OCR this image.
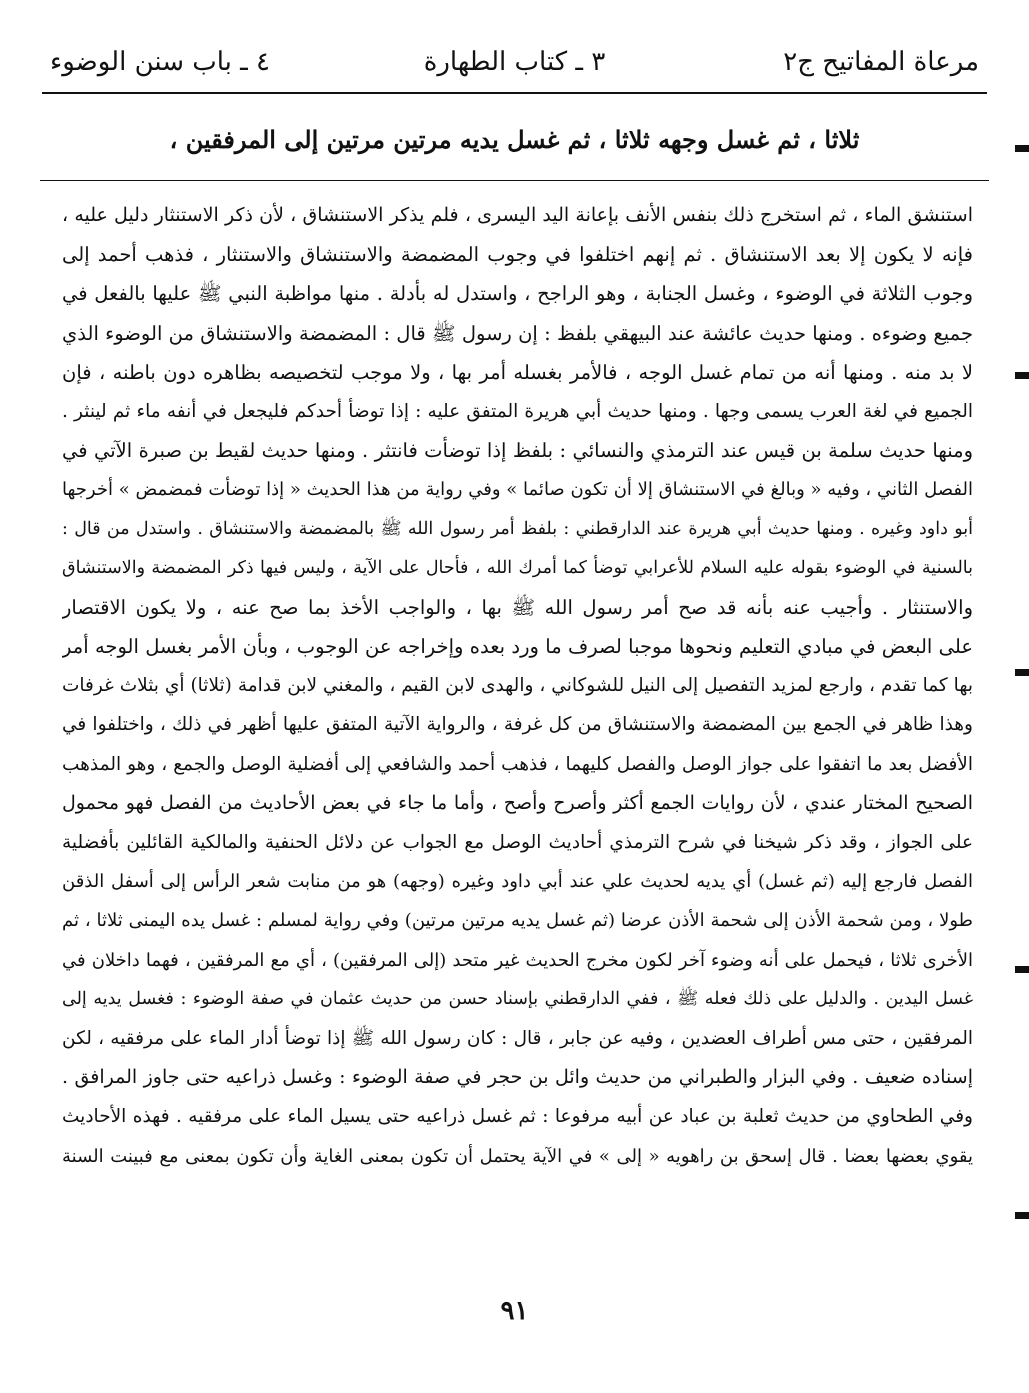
مرعاة المفاتيح ج٢
٣ ـ كتاب الطهارة
٤ ـ باب سنن الوضوء
ثلاثا ، ثم غسل وجهه ثلاثا ، ثم غسل يديه مرتين مرتين إلى المرفقين ،
استنشق الماء ، ثم استخرج ذلك بنفس الأنف بإعانة اليد اليسرى ، فلم يذكر الاستنشاق ، لأن ذكر الاستنثار دليل عليه ،
فإنه لا يكون إلا بعد الاستنشاق . ثم إنهم اختلفوا في وجوب المضمضة والاستنشاق والاستنثار ، فذهب أحمد إلى
وجوب الثلاثة في الوضوء ، وغسل الجنابة ، وهو الراجح ، واستدل له بأدلة . منها مواظبة النبي ﷺ عليها بالفعل في
جميع وضوءه . ومنها حديث عائشة عند البيهقي بلفظ : إن رسول ﷺ قال : المضمضة والاستنشاق من الوضوء الذي
لا بد منه . ومنها أنه من تمام غسل الوجه ، فالأمر بغسله أمر بها ، ولا موجب لتخصيصه بظاهره دون باطنه ، فإن
الجميع في لغة العرب يسمى وجها . ومنها حديث أبي هريرة المتفق عليه : إذا توضأ أحدكم فليجعل في أنفه ماء ثم لينثر .
ومنها حديث سلمة بن قيس عند الترمذي والنسائي : بلفظ إذا توضأت فانتثر . ومنها حديث لقيط بن صبرة الآتي في
الفصل الثاني ، وفيه « وبالغ في الاستنشاق إلا أن تكون صائما » وفي رواية من هذا الحديث « إذا توضأت فمضمض » أخرجها
أبو داود وغيره . ومنها حديث أبي هريرة عند الدارقطني : بلفظ أمر رسول الله ﷺ بالمضمضة والاستنشاق . واستدل من قال :
بالسنية في الوضوء بقوله عليه السلام للأعرابي توضأ كما أمرك الله ، فأحال على الآية ، وليس فيها ذكر المضمضة والاستنشاق
والاستنثار . وأجيب عنه بأنه قد صح أمر رسول الله ﷺ بها ، والواجب الأخذ بما صح عنه ، ولا يكون الاقتصار
على البعض في مبادي التعليم ونحوها موجبا لصرف ما ورد بعده وإخراجه عن الوجوب ، وبأن الأمر بغسل الوجه أمر
بها كما تقدم ، وارجع لمزيد التفصيل إلى النيل للشوكاني ، والهدى لابن القيم ، والمغني لابن قدامة (ثلاثا) أي بثلاث غرفات
وهذا ظاهر في الجمع بين المضمضة والاستنشاق من كل غرفة ، والرواية الآتية المتفق عليها أظهر في ذلك ، واختلفوا في
الأفضل بعد ما اتفقوا على جواز الوصل والفصل كليهما ، فذهب أحمد والشافعي إلى أفضلية الوصل والجمع ، وهو المذهب
الصحيح المختار عندي ، لأن روايات الجمع أكثر وأصرح وأصح ، وأما ما جاء في بعض الأحاديث من الفصل فهو محمول
على الجواز ، وقد ذكر شيخنا في شرح الترمذي أحاديث الوصل مع الجواب عن دلائل الحنفية والمالكية القائلين بأفضلية
الفصل فارجع إليه (ثم غسل) أي يديه لحديث علي عند أبي داود وغيره (وجهه) هو من منابت شعر الرأس إلى أسفل الذقن
طولا ، ومن شحمة الأذن إلى شحمة الأذن عرضا (ثم غسل يديه مرتين مرتين) وفي رواية لمسلم : غسل يده اليمنى ثلاثا ، ثم
الأخرى ثلاثا ، فيحمل على أنه وضوء آخر لكون مخرج الحديث غير متحد (إلى المرفقين) ، أي مع المرفقين ، فهما داخلان في
غسل اليدين . والدليل على ذلك فعله ﷺ ، ففي الدارقطني بإسناد حسن من حديث عثمان في صفة الوضوء : فغسل يديه إلى
المرفقين ، حتى مس أطراف العضدين ، وفيه عن جابر ، قال : كان رسول الله ﷺ إذا توضأ أدار الماء على مرفقيه ، لكن
إسناده ضعيف . وفي البزار والطبراني من حديث وائل بن حجر في صفة الوضوء : وغسل ذراعيه حتى جاوز المرافق .
وفي الطحاوي من حديث ثعلبة بن عباد عن أبيه مرفوعا : ثم غسل ذراعيه حتى يسيل الماء على مرفقيه . فهذه الأحاديث
يقوي بعضها بعضا . قال إسحق بن راهويه « إلى » في الآية يحتمل أن تكون بمعنى الغاية وأن تكون بمعنى مع فبينت السنة
٩١
